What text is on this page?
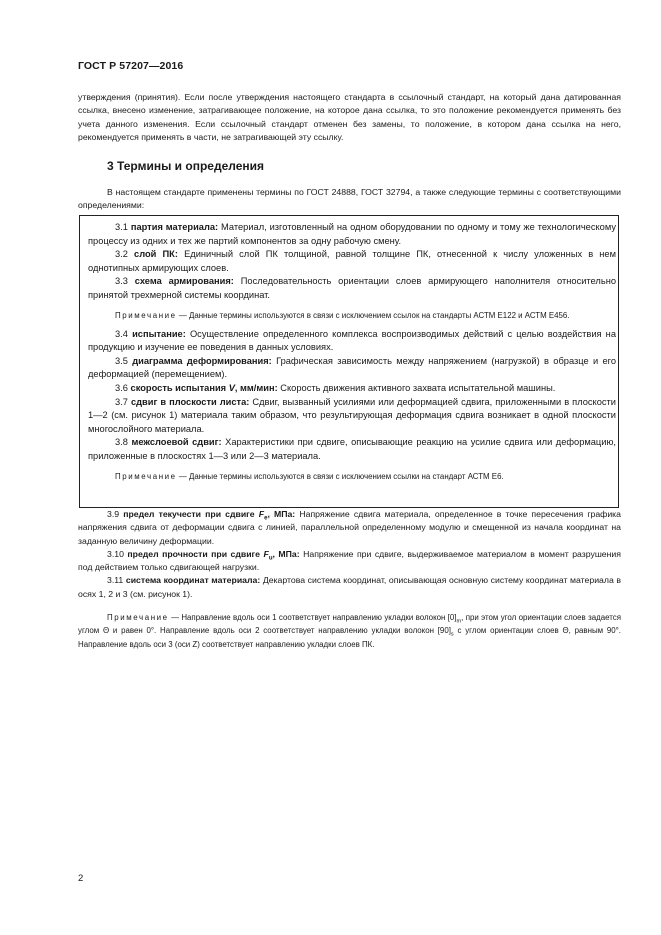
ГОСТ Р 57207—2016

утверждения (принятия). Если после утверждения настоящего стандарта в ссылочный стандарт, на который дана датированная ссылка, внесено изменение, затрагивающее положение, на которое дана ссылка, то это положение рекомендуется применять без учета данного изменения. Если ссылочный стандарт отменен без замены, то положение, в котором дана ссылка на него, рекомендуется применять в части, не затрагивающей эту ссылку.

3 Термины и определения

В настоящем стандарте применены термины по ГОСТ 24888, ГОСТ 32794, а также следующие термины с соответствующими определениями:

3.1 партия материала: Материал, изготовленный на одном оборудовании по одному и тому же технологическому процессу из одних и тех же партий компонентов за одну рабочую смену.

3.2 слой ПК: Единичный слой ПК толщиной, равной толщине ПК, отнесенной к числу уложенных в нем однотипных армирующих слоев.

3.3 схема армирования: Последовательность ориентации слоев армирующего наполнителя относительно принятой трехмерной системы координат.

Примечание — Данные термины используются в связи с исключением ссылок на стандарты АСТМ Е122 и АСТМ Е456.

3.4 испытание: Осуществление определенного комплекса воспроизводимых действий с целью воздействия на продукцию и изучение ее поведения в данных условиях.

3.5 диаграмма деформирования: Графическая зависимость между напряжением (нагрузкой) в образце и его деформацией (перемещением).

3.6 скорость испытания V, мм/мин: Скорость движения активного захвата испытательной машины.

3.7 сдвиг в плоскости листа: Сдвиг, вызванный усилиями или деформацией сдвига, приложенными в плоскости 1—2 (см. рисунок 1) материала таким образом, что результирующая деформация сдвига возникает в одной плоскости многослойного материала.

3.8 межслоевой сдвиг: Характеристики при сдвиге, описывающие реакцию на усилие сдвига или деформацию, приложенные в плоскостях 1—3 или 2—3 материала.

Примечание — Данные термины используются в связи с исключением ссылки на стандарт АСТМ Е6.

3.9 предел текучести при сдвиге $F_e$, МПа: Напряжение сдвига материала, определенное в точке пересечения графика напряжения сдвига от деформации сдвига с линией, параллельной определенному модулю и смещенной из начала координат на заданную величину деформации.

3.10 предел прочности при сдвиге $F_u$, МПа: Напряжение при сдвиге, выдерживаемое материалом в момент разрушения под действием только сдвигающей нагрузки.

3.11 система координат материала: Декартова система координат, описывающая основную систему координат материала в осях 1, 2 и 3 (см. рисунок 1).

Примечание — Направление вдоль оси 1 соответствует направлению укладки волокон $[0]_m$, при этом угол ориентации слоев задается углом Θ и равен 0°. Направление вдоль оси 2 соответствует направлению укладки волокон $[90]_s$ с углом ориентации слоев Θ, равным 90°. Направление вдоль оси 3 (оси Z) соответствует направлению укладки слоев ПК.

2
